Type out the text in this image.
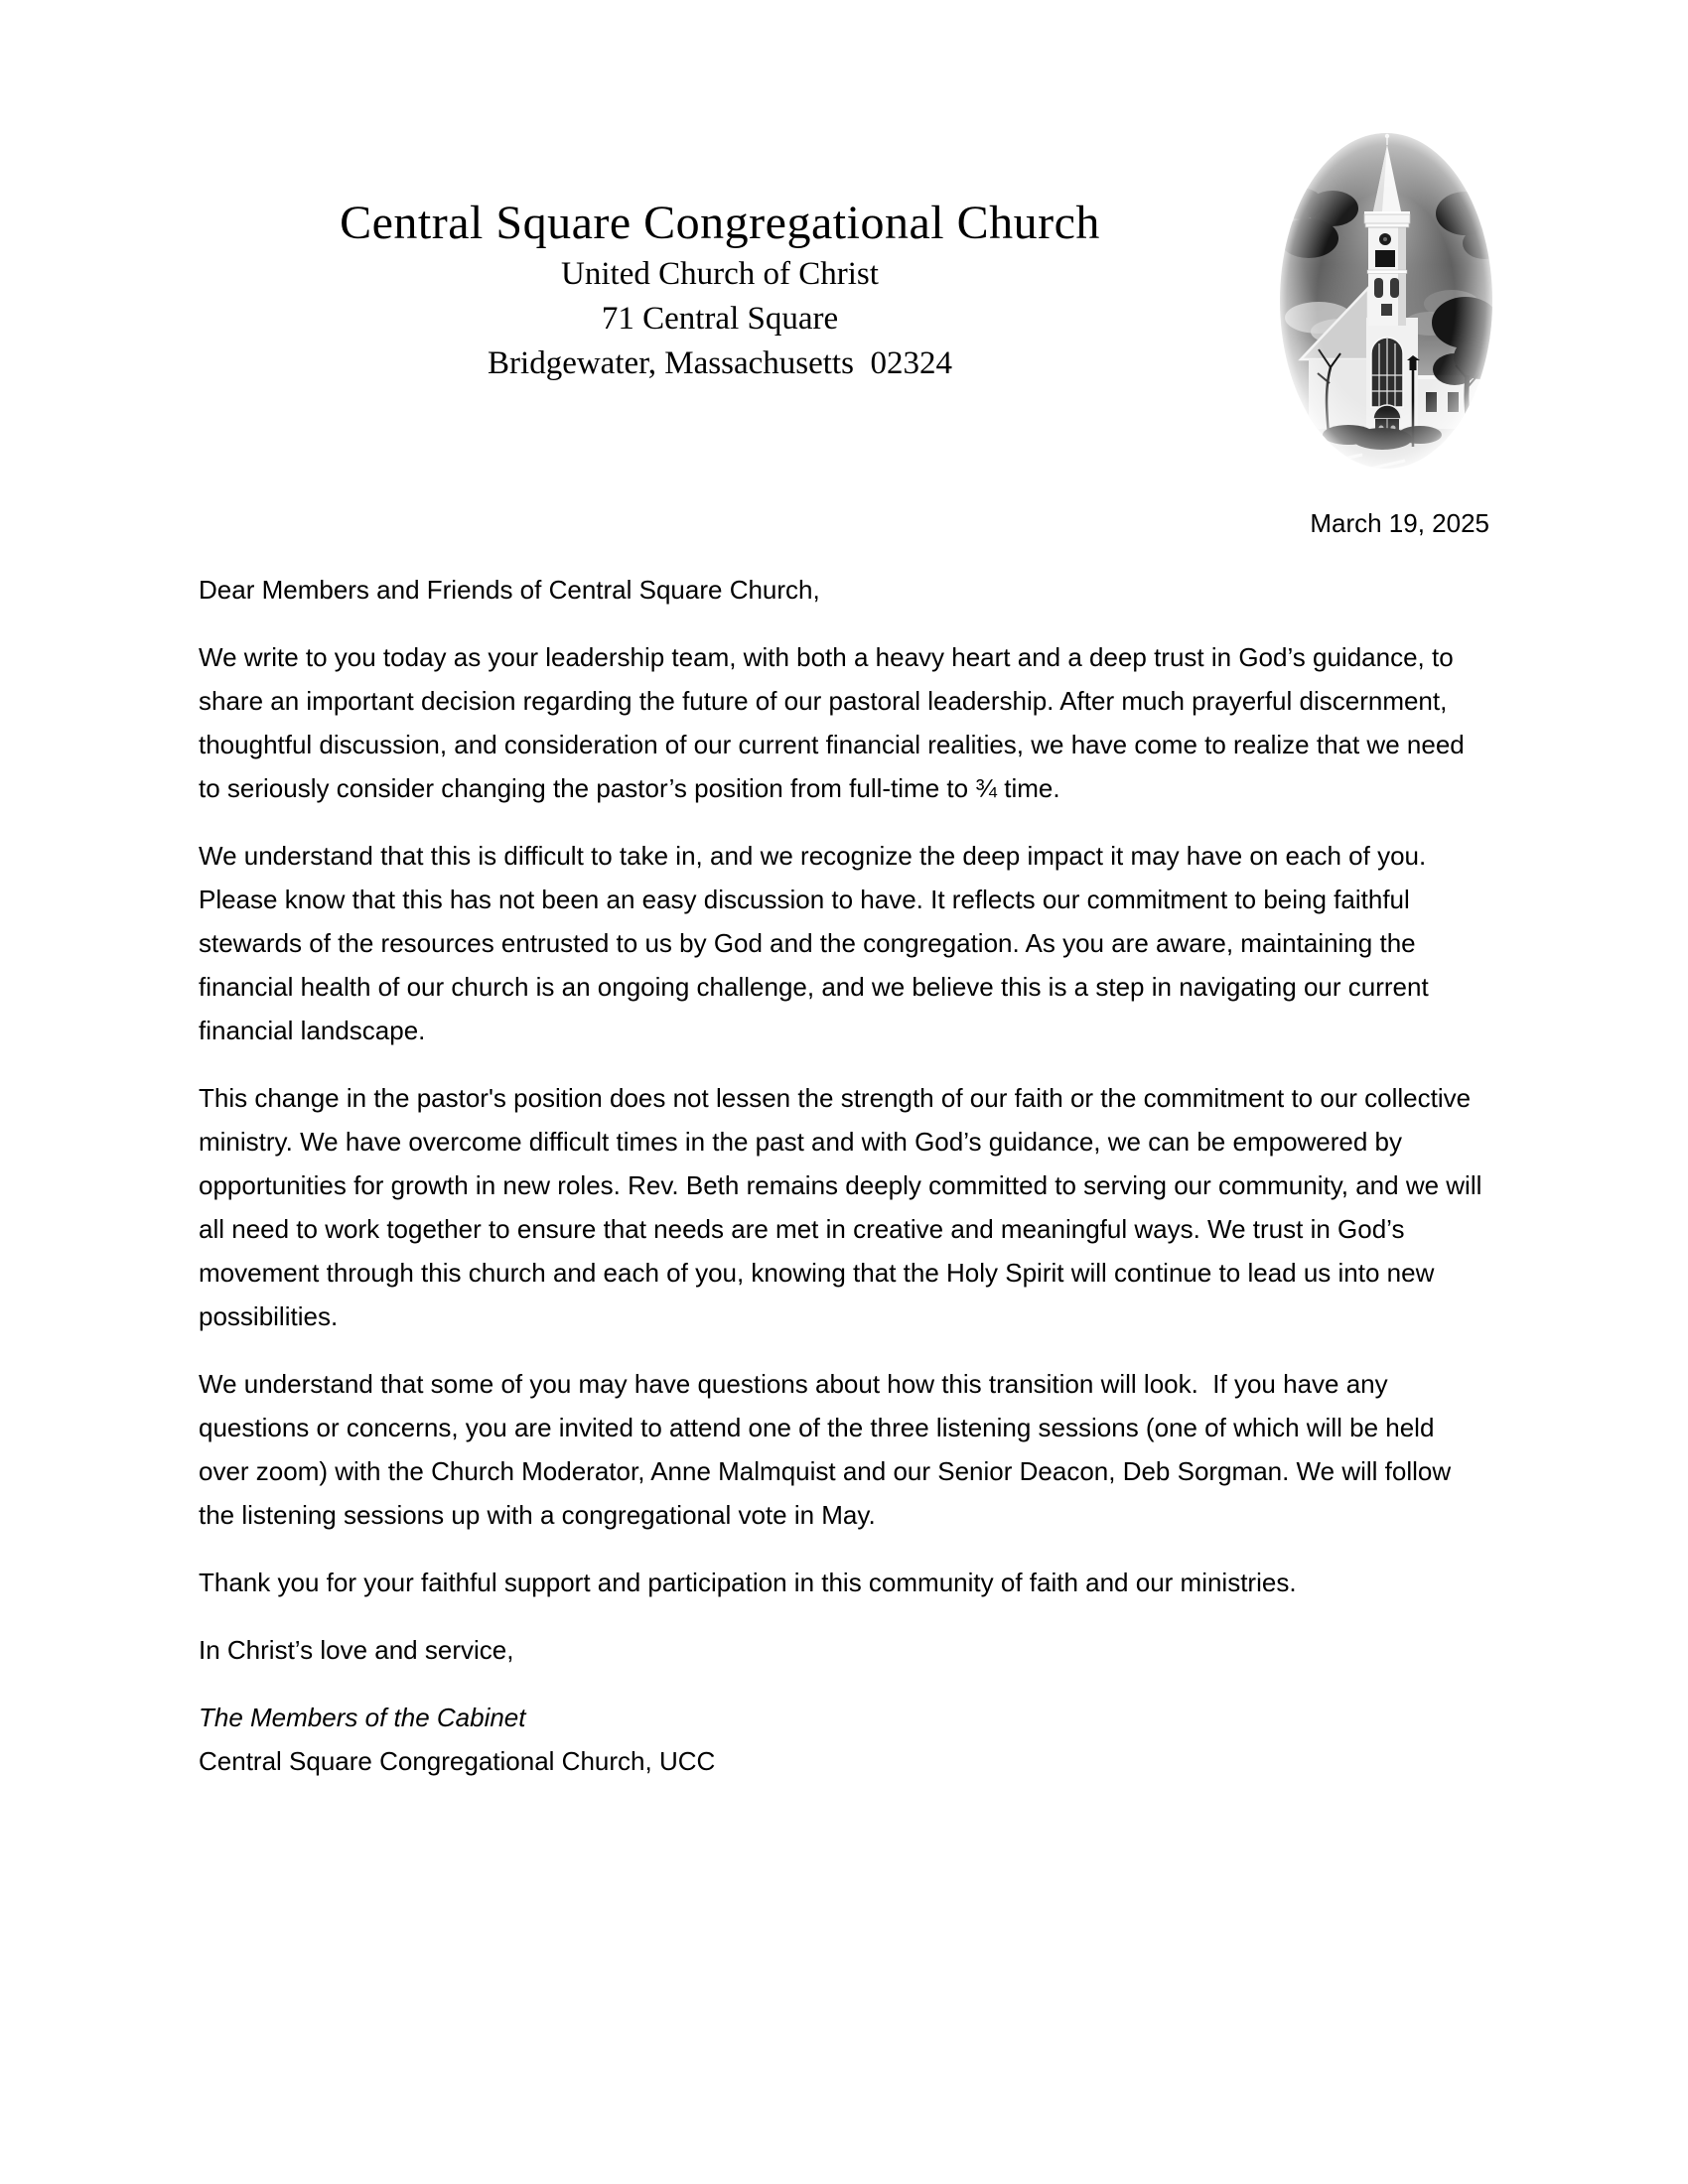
Central Square Congregational Church
United Church of Christ
71 Central Square
Bridgewater, Massachusetts  02324
March 19, 2025

Dear Members and Friends of Central Square Church,

We write to you today as your leadership team, with both a heavy heart and a deep trust in God’s guidance, to share an important decision regarding the future of our pastoral leadership. After much prayerful discernment, thoughtful discussion, and consideration of our current financial realities, we have come to realize that we need to seriously consider changing the pastor’s position from full-time to ¾ time.

We understand that this is difficult to take in, and we recognize the deep impact it may have on each of you. Please know that this has not been an easy discussion to have. It reflects our commitment to being faithful stewards of the resources entrusted to us by God and the congregation. As you are aware, maintaining the financial health of our church is an ongoing challenge, and we believe this is a step in navigating our current financial landscape.

This change in the pastor's position does not lessen the strength of our faith or the commitment to our collective ministry. We have overcome difficult times in the past and with God’s guidance, we can be empowered by opportunities for growth in new roles. Rev. Beth remains deeply committed to serving our community, and we will all need to work together to ensure that needs are met in creative and meaningful ways. We trust in God’s movement through this church and each of you, knowing that the Holy Spirit will continue to lead us into new possibilities.

We understand that some of you may have questions about how this transition will look.  If you have any questions or concerns, you are invited to attend one of the three listening sessions (one of which will be held over zoom) with the Church Moderator, Anne Malmquist and our Senior Deacon, Deb Sorgman. We will follow the listening sessions up with a congregational vote in May.

Thank you for your faithful support and participation in this community of faith and our ministries.

In Christ’s love and service,

The Members of the Cabinet
Central Square Congregational Church, UCC
